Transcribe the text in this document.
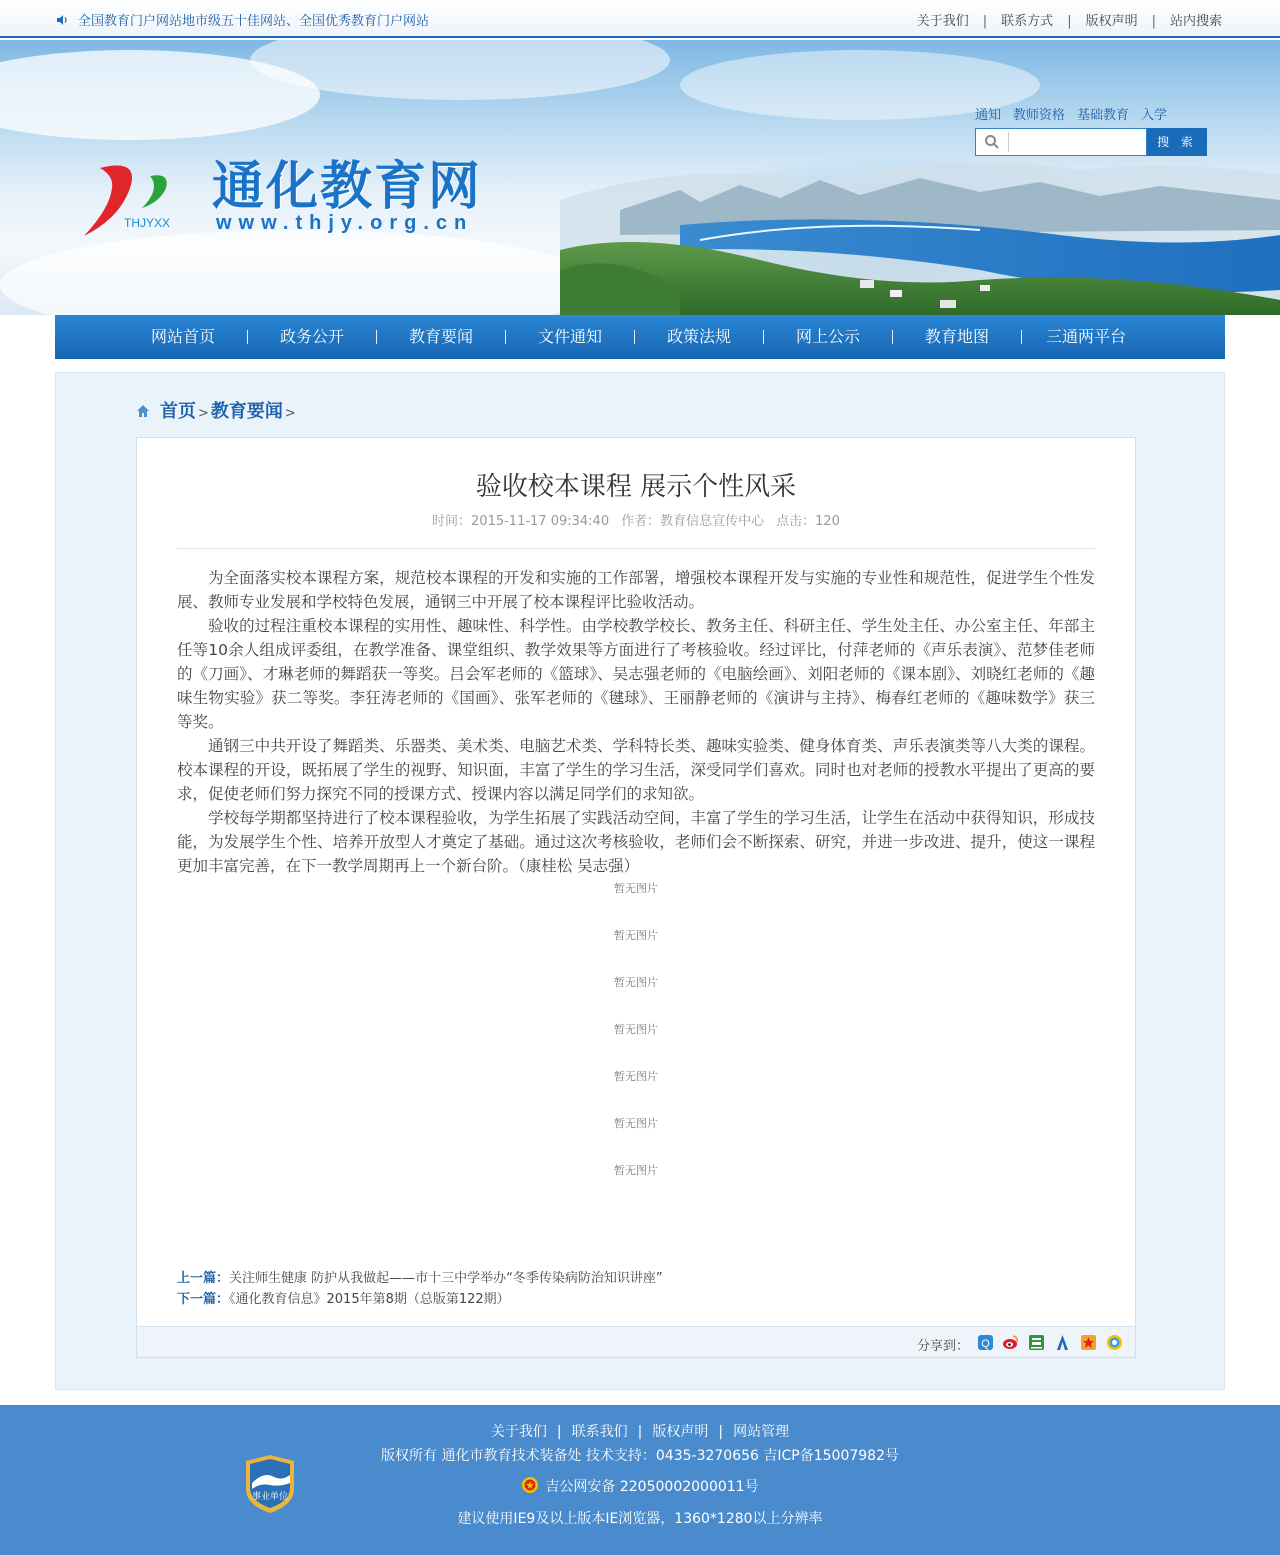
全国教育门户网站地市级五十佳网站、全国优秀教育门户网站	关于我们 | 联系方式 | 版权声明 | 站内搜索
THJYXX
通化教育网
www.thjy.org.cn
通知 教师资格 基础教育 入学
搜 索
网站首页	政务公开	教育要闻	文件通知	政策法规	网上公示	教育地图	三通两平台
首页 > 教育要闻 >
验收校本课程 展示个性风采
时间：2015-11-17 09:34:40 作者：教育信息宣传中心 点击：120

为全面落实校本课程方案，规范校本课程的开发和实施的工作部署，增强校本课程开发与实施的专业性和规范性，促进学生个性发展、教师专业发展和学校特色发展，通钢三中开展了校本课程评比验收活动。

验收的过程注重校本课程的实用性、趣味性、科学性。由学校教学校长、教务主任、科研主任、学生处主任、办公室主任、年部主任等10余人组成评委组，在教学准备、课堂组织、教学效果等方面进行了考核验收。经过评比，付萍老师的《声乐表演》、范梦佳老师的《刀画》、才琳老师的舞蹈获一等奖。吕会军老师的《篮球》、吴志强老师的《电脑绘画》、刘阳老师的《课本剧》、刘晓红老师的《趣味生物实验》获二等奖。李狂涛老师的《国画》、张军老师的《毽球》、王丽静老师的《演讲与主持》、梅春红老师的《趣味数学》获三等奖。

通钢三中共开设了舞蹈类、乐器类、美术类、电脑艺术类、学科特长类、趣味实验类、健身体育类、声乐表演类等八大类的课程。校本课程的开设，既拓展了学生的视野、知识面，丰富了学生的学习生活，深受同学们喜欢。同时也对老师的授教水平提出了更高的要求，促使老师们努力探究不同的授课方式、授课内容以满足同学们的求知欲。

学校每学期都坚持进行了校本课程验收，为学生拓展了实践活动空间，丰富了学生的学习生活，让学生在活动中获得知识，形成技能，为发展学生个性、培养开放型人才奠定了基础。通过这次考核验收，老师们会不断探索、研究，并进一步改进、提升，使这一课程更加丰富完善，在下一教学周期再上一个新台阶。（康桂松 吴志强）

暂无图片
暂无图片
暂无图片
暂无图片
暂无图片
暂无图片
暂无图片
上一篇：关注师生健康 防护从我做起——市十三中学举办“冬季传染病防治知识讲座”
下一篇：《通化教育信息》2015年第8期（总版第122期）
分享到： Q
事业单位
关于我们 | 联系我们 | 版权声明 | 网站管理
版权所有 通化市教育技术装备处 技术支持：0435-3270656 吉ICP备15007982号
吉公网安备 22050002000011号
建议使用IE9及以上版本IE浏览器，1360*1280以上分辨率
